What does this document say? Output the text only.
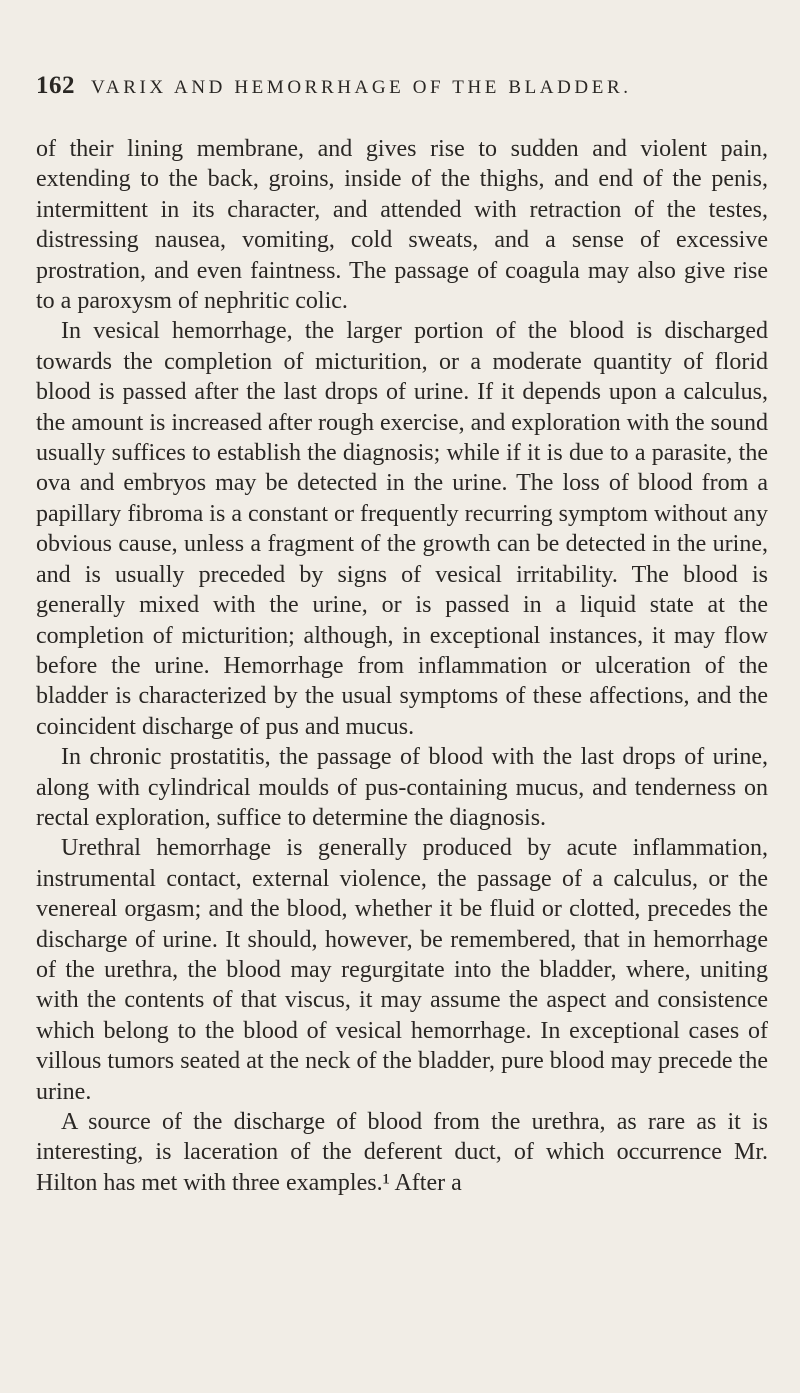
162 VARIX AND HEMORRHAGE OF THE BLADDER.

of their lining membrane, and gives rise to sudden and violent pain, extending to the back, groins, inside of the thighs, and end of the penis, intermittent in its character, and attended with retraction of the testes, distressing nausea, vomiting, cold sweats, and a sense of excessive prostration, and even faintness. The passage of coagula may also give rise to a paroxysm of nephritic colic.

In vesical hemorrhage, the larger portion of the blood is discharged towards the completion of micturition, or a moderate quantity of florid blood is passed after the last drops of urine. If it depends upon a calculus, the amount is increased after rough exercise, and exploration with the sound usually suffices to establish the diagnosis; while if it is due to a parasite, the ova and embryos may be detected in the urine. The loss of blood from a papillary fibroma is a constant or frequently recurring symptom without any obvious cause, unless a fragment of the growth can be detected in the urine, and is usually preceded by signs of vesical irritability. The blood is generally mixed with the urine, or is passed in a liquid state at the completion of micturition; although, in exceptional instances, it may flow before the urine. Hemorrhage from inflammation or ulceration of the bladder is characterized by the usual symptoms of these affections, and the coincident discharge of pus and mucus.

In chronic prostatitis, the passage of blood with the last drops of urine, along with cylindrical moulds of pus-containing mucus, and tenderness on rectal exploration, suffice to determine the diagnosis.

Urethral hemorrhage is generally produced by acute inflammation, instrumental contact, external violence, the passage of a calculus, or the venereal orgasm; and the blood, whether it be fluid or clotted, precedes the discharge of urine. It should, however, be remembered, that in hemorrhage of the urethra, the blood may regurgitate into the bladder, where, uniting with the contents of that viscus, it may assume the aspect and consistence which belong to the blood of vesical hemorrhage. In exceptional cases of villous tumors seated at the neck of the bladder, pure blood may precede the urine.

A source of the discharge of blood from the urethra, as rare as it is interesting, is laceration of the deferent duct, of which occurrence Mr. Hilton has met with three examples.¹ After a
